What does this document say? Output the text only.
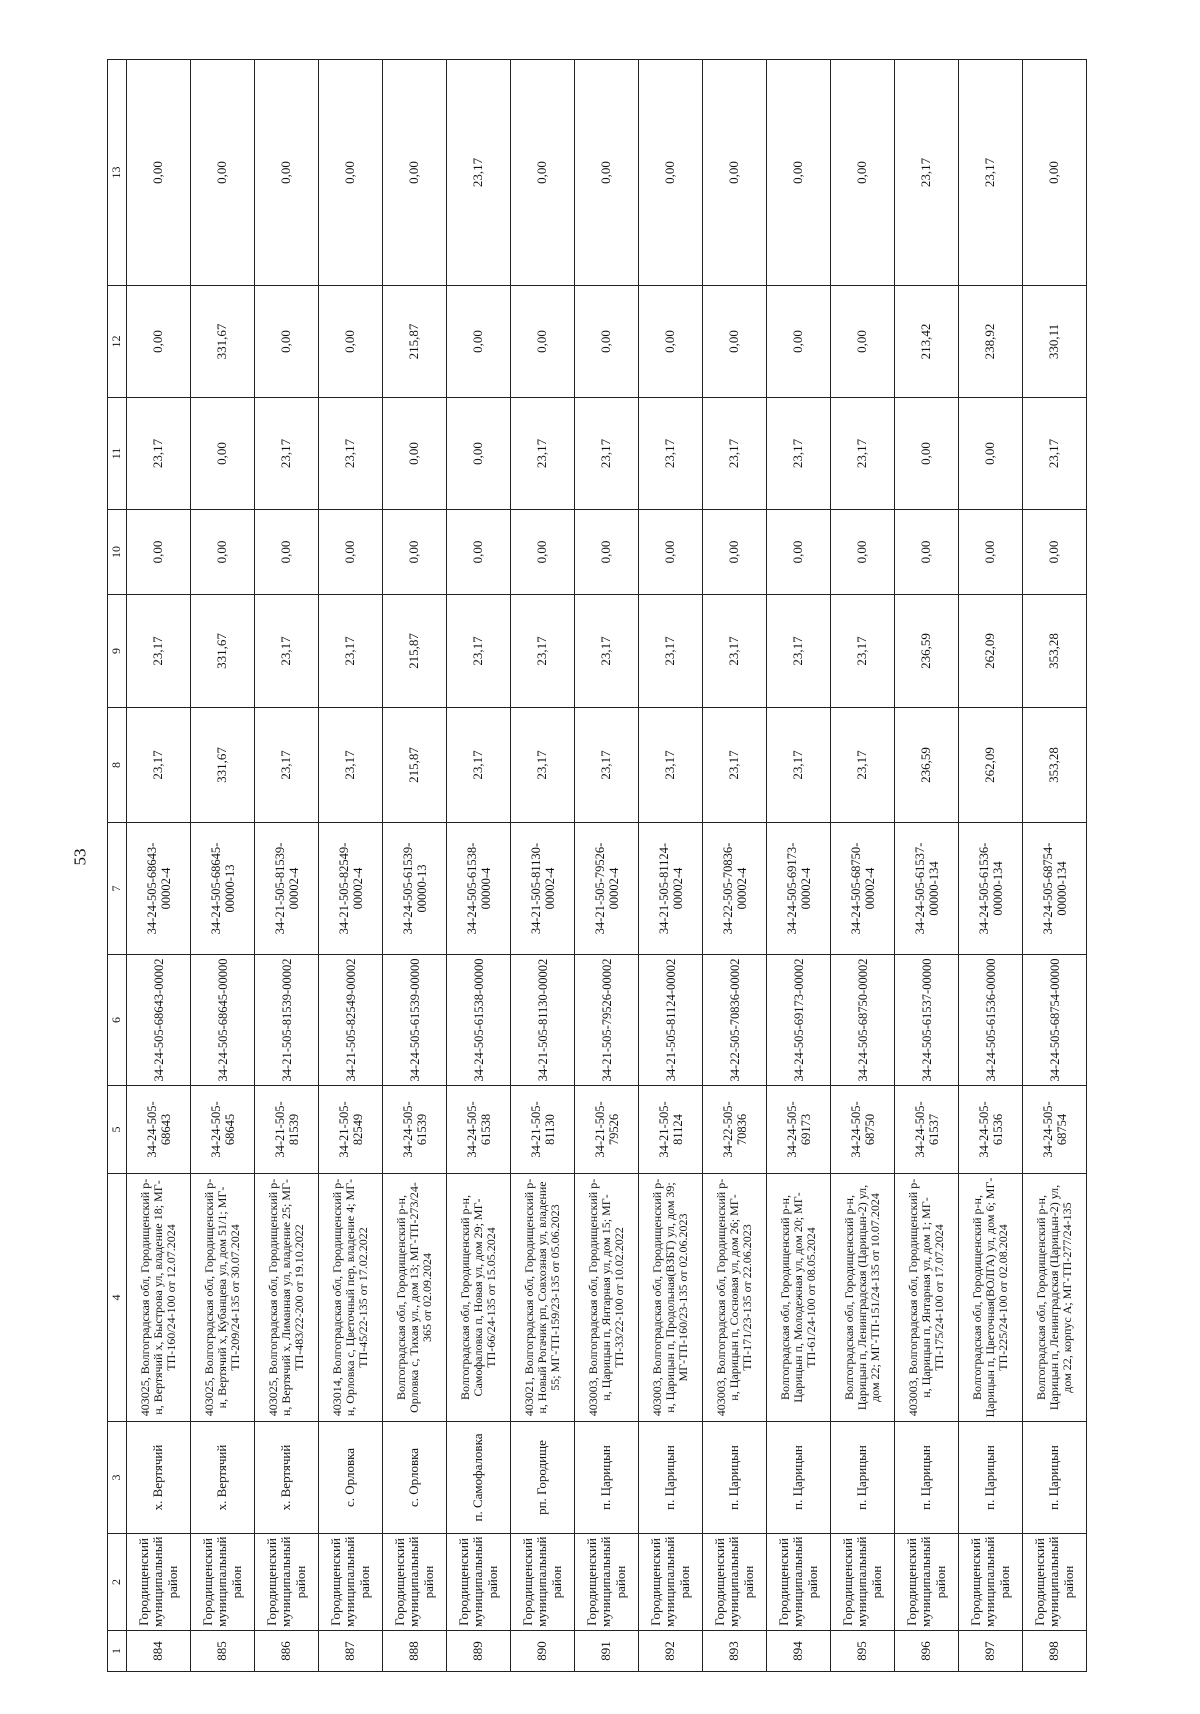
53
1	2	3	4	5	6	7	8	9	10	11	12	13
884	Городищенский муниципальный район	х. Вертячий	403025, Волгоградская обл, Городищенский р-н, Вертячий х, Быстрова ул, владение 18; МГ-ТП-160/24-100 от 12.07.2024	34-24-505-68643	34-24-505-68643-00002	34-24-505-68643-00002-4	23,17	23,17	0,00	23,17	0,00	0,00
885	Городищенский муниципальный район	х. Вертячий	403025, Волгоградская обл, Городищенский р-н, Вертячий х, Кубанцева ул, дом 51/1; МГ-ТП-209/24-135 от 30.07.2024	34-24-505-68645	34-24-505-68645-00000	34-24-505-68645-00000-13	331,67	331,67	0,00	0,00	331,67	0,00
886	Городищенский муниципальный район	х. Вертячий	403025, Волгоградская обл, Городищенский р-н, Вертячий х, Лиманная ул, владение 25; МГ-ТП-483/22-200 от 19.10.2022	34-21-505-81539	34-21-505-81539-00002	34-21-505-81539-00002-4	23,17	23,17	0,00	23,17	0,00	0,00
887	Городищенский муниципальный район	с. Орловка	403014, Волгоградская обл, Городищенский р-н, Орловка с, Цветочный пер, владение 4; МГ-ТП-45/22-135 от 17.02.2022	34-21-505-82549	34-21-505-82549-00002	34-21-505-82549-00002-4	23,17	23,17	0,00	23,17	0,00	0,00
888	Городищенский муниципальный район	с. Орловка	Волгоградская обл, Городищенский р-н, Орловка с, Тихая ул., дом 13; МГ-ТП-273/24-365 от 02.09.2024	34-24-505-61539	34-24-505-61539-00000	34-24-505-61539-00000-13	215,87	215,87	0,00	0,00	215,87	0,00
889	Городищенский муниципальный район	п. Самофаловка	Волгоградская обл, Городищенский р-н, Самофаловка п, Новая ул, дом 29; МГ-ТП-66/24-135 от 15.05.2024	34-24-505-61538	34-24-505-61538-00000	34-24-505-61538-00000-4	23,17	23,17	0,00	0,00	0,00	23,17
890	Городищенский муниципальный район	рп. Городище	403021, Волгоградская обл, Городищенский р-н, Новый Рогачик рп, Совхозная ул, владение 55; МГ-ТП-159/23-135 от 05.06.2023	34-21-505-81130	34-21-505-81130-00002	34-21-505-81130-00002-4	23,17	23,17	0,00	23,17	0,00	0,00
891	Городищенский муниципальный район	п. Царицын	403003, Волгоградская обл, Городищенский р-н, Царицын п, Янтарная ул, дом 15; МГ-ТП-33/22-100 от 10.02.2022	34-21-505-79526	34-21-505-79526-00002	34-21-505-79526-00002-4	23,17	23,17	0,00	23,17	0,00	0,00
892	Городищенский муниципальный район	п. Царицын	403003, Волгоградская обл, Городищенский р-н, Царицын п, Продольная(ВЗБТ) ул, дом 39; МГ-ТП-160/23-135 от 02.06.2023	34-21-505-81124	34-21-505-81124-00002	34-21-505-81124-00002-4	23,17	23,17	0,00	23,17	0,00	0,00
893	Городищенский муниципальный район	п. Царицын	403003, Волгоградская обл, Городищенский р-н, Царицын п, Сосновая ул, дом 26; МГ-ТП-171/23-135 от 22.06.2023	34-22-505-70836	34-22-505-70836-00002	34-22-505-70836-00002-4	23,17	23,17	0,00	23,17	0,00	0,00
894	Городищенский муниципальный район	п. Царицын	Волгоградская обл, Городищенский р-н, Царицын п, Молодежная ул, дом 20; МГ-ТП-61/24-100 от 08.05.2024	34-24-505-69173	34-24-505-69173-00002	34-24-505-69173-00002-4	23,17	23,17	0,00	23,17	0,00	0,00
895	Городищенский муниципальный район	п. Царицын	Волгоградская обл, Городищенский р-н, Царицын п, Ленинградская (Царицын-2) ул, дом 22; МГ-ТП-151/24-135 от 10.07.2024	34-24-505-68750	34-24-505-68750-00002	34-24-505-68750-00002-4	23,17	23,17	0,00	23,17	0,00	0,00
896	Городищенский муниципальный район	п. Царицын	403003, Волгоградская обл, Городищенский р-н, Царицын п, Янтарная ул, дом 1; МГ-ТП-175/24-100 от 17.07.2024	34-24-505-61537	34-24-505-61537-00000	34-24-505-61537-00000-134	236,59	236,59	0,00	0,00	213,42	23,17
897	Городищенский муниципальный район	п. Царицын	Волгоградская обл, Городищенский р-н, Царицын п, Цветочная(ВОЛГА) ул, дом 6; МГ-ТП-225/24-100 от 02.08.2024	34-24-505-61536	34-24-505-61536-00000	34-24-505-61536-00000-134	262,09	262,09	0,00	0,00	238,92	23,17
898	Городищенский муниципальный район	п. Царицын	Волгоградская обл, Городищенский р-н, Царицын п, Ленинградская (Царицын-2) ул, дом 22, корпус А; МГ-ТП-277/24-135	34-24-505-68754	34-24-505-68754-00000	34-24-505-68754-00000-134	353,28	353,28	0,00	23,17	330,11	0,00
